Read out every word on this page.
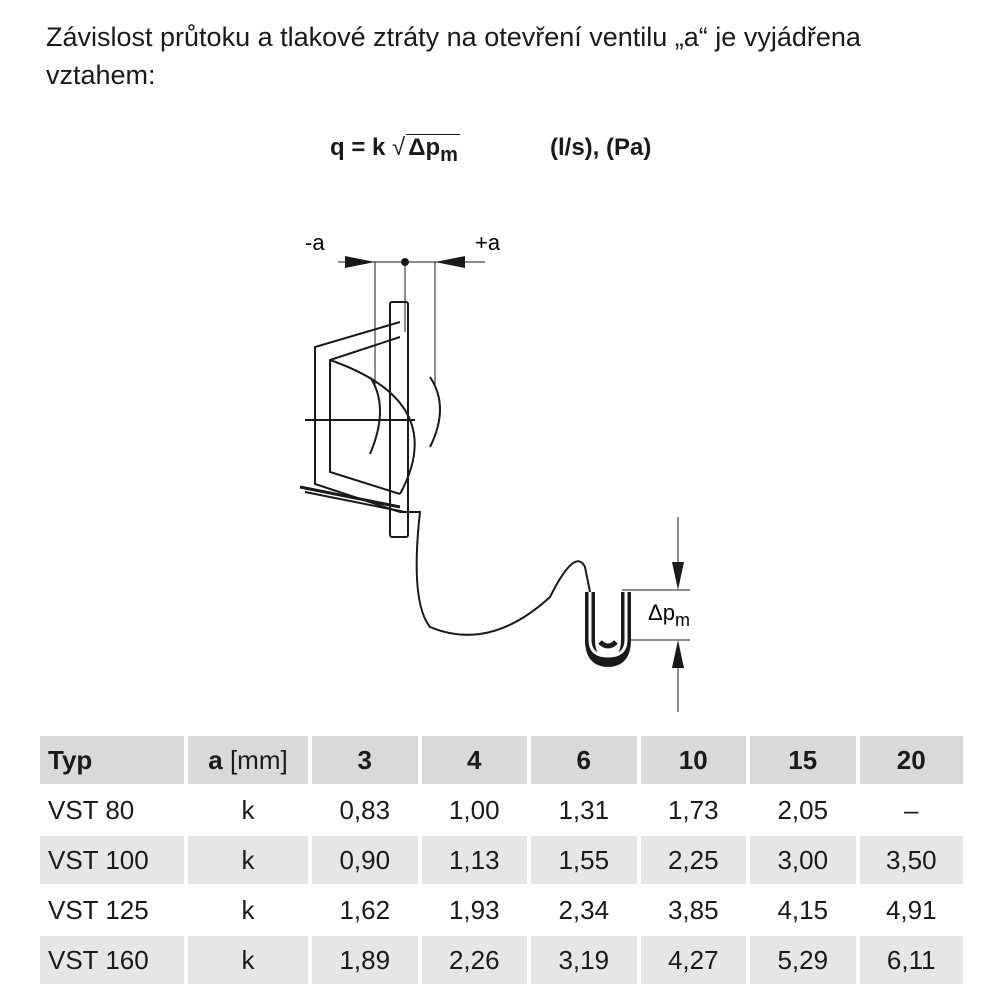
Závislost průtoku a tlakové ztráty na otevření ventilu „a“ je vyjádřena vztahem:

q = k √ $\Delta p_m$	(l/s), (Pa)
-a	+a
$\Delta p_m$
Typ	a [mm]	3	4	6	10	15	20
VST 80	k	0,83	1,00	1,31	1,73	2,05	–
VST 100	k	0,90	1,13	1,55	2,25	3,00	3,50
VST 125	k	1,62	1,93	2,34	3,85	4,15	4,91
VST 160	k	1,89	2,26	3,19	4,27	5,29	6,11
